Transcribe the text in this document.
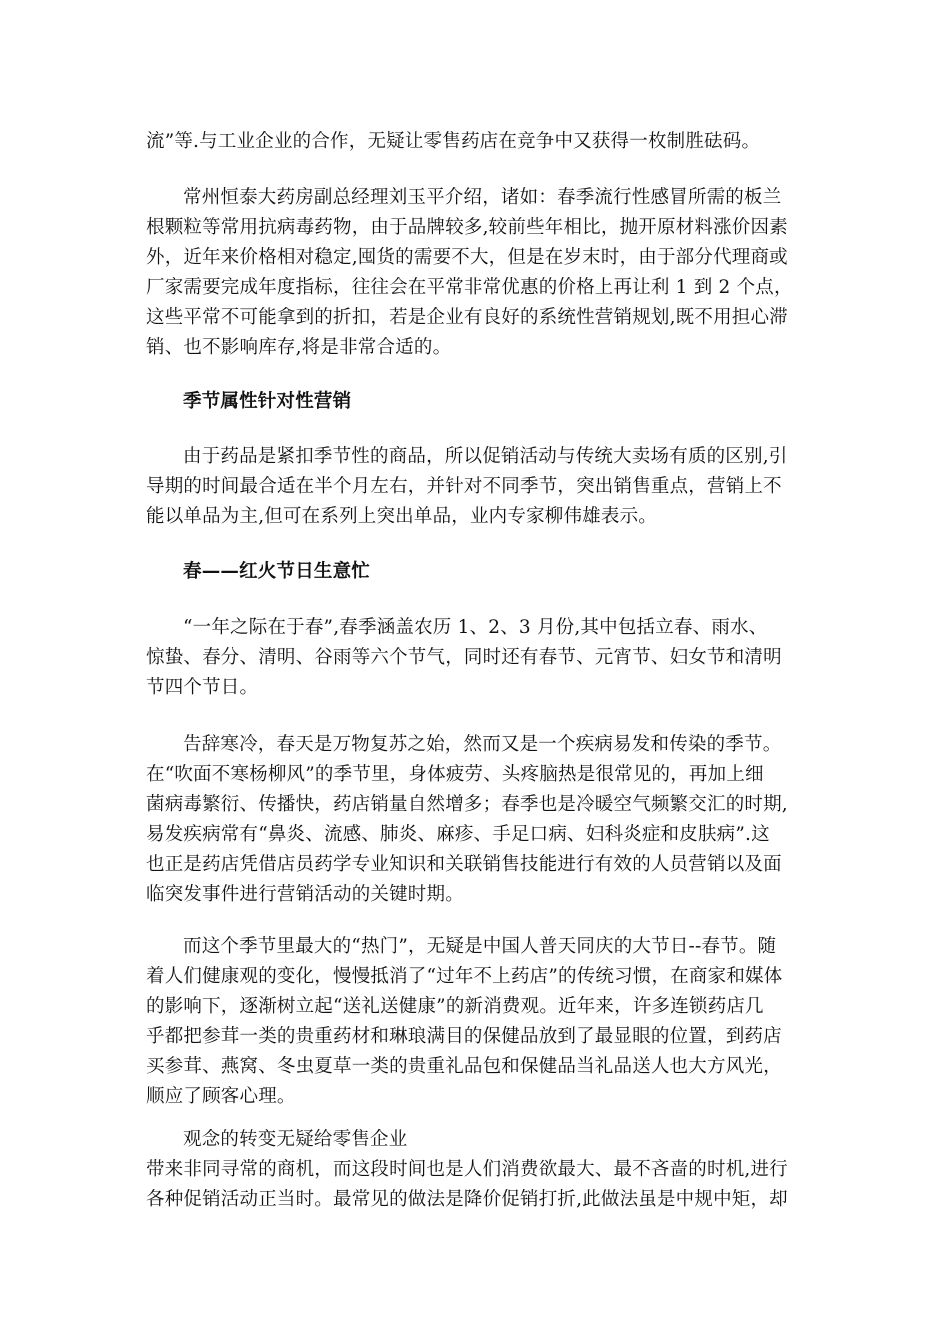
流”等.与工业企业的合作，无疑让零售药店在竞争中又获得一枚制胜砝码。
常州恒泰大药房副总经理刘玉平介绍，诸如：春季流行性感冒所需的板兰
根颗粒等常用抗病毒药物，由于品牌较多,较前些年相比，抛开原材料涨价因素
外，近年来价格相对稳定,囤货的需要不大，但是在岁末时，由于部分代理商或
厂家需要完成年度指标，往往会在平常非常优惠的价格上再让利 1 到 2 个点，
这些平常不可能拿到的折扣，若是企业有良好的系统性营销规划,既不用担心滞
销、也不影响库存,将是非常合适的。
季节属性针对性营销
由于药品是紧扣季节性的商品，所以促销活动与传统大卖场有质的区别,引
导期的时间最合适在半个月左右，并针对不同季节，突出销售重点，营销上不
能以单品为主,但可在系列上突出单品，业内专家柳伟雄表示。
春——红火节日生意忙
“一年之际在于春”,春季涵盖农历 1、2、3 月份,其中包括立春、雨水、
惊蛰、春分、清明、谷雨等六个节气，同时还有春节、元宵节、妇女节和清明
节四个节日。
告辞寒冷，春天是万物复苏之始，然而又是一个疾病易发和传染的季节。
在“吹面不寒杨柳风”的季节里，身体疲劳、头疼脑热是很常见的，再加上细
菌病毒繁衍、传播快，药店销量自然增多；春季也是冷暖空气频繁交汇的时期,
易发疾病常有“鼻炎、流感、肺炎、麻疹、手足口病、妇科炎症和皮肤病”.这
也正是药店凭借店员药学专业知识和关联销售技能进行有效的人员营销以及面
临突发事件进行营销活动的关键时期。
而这个季节里最大的“热门”，无疑是中国人普天同庆的大节日--春节。随
着人们健康观的变化，慢慢抵消了“过年不上药店”的传统习惯，在商家和媒体
的影响下，逐渐树立起“送礼送健康”的新消费观。近年来，许多连锁药店几
乎都把参茸一类的贵重药材和琳琅满目的保健品放到了最显眼的位置，到药店
买参茸、燕窝、冬虫夏草一类的贵重礼品包和保健品当礼品送人也大方风光，
顺应了顾客心理。
观念的转变无疑给零售企业
带来非同寻常的商机，而这段时间也是人们消费欲最大、最不吝啬的时机,进行
各种促销活动正当时。最常见的做法是降价促销打折,此做法虽是中规中矩，却
